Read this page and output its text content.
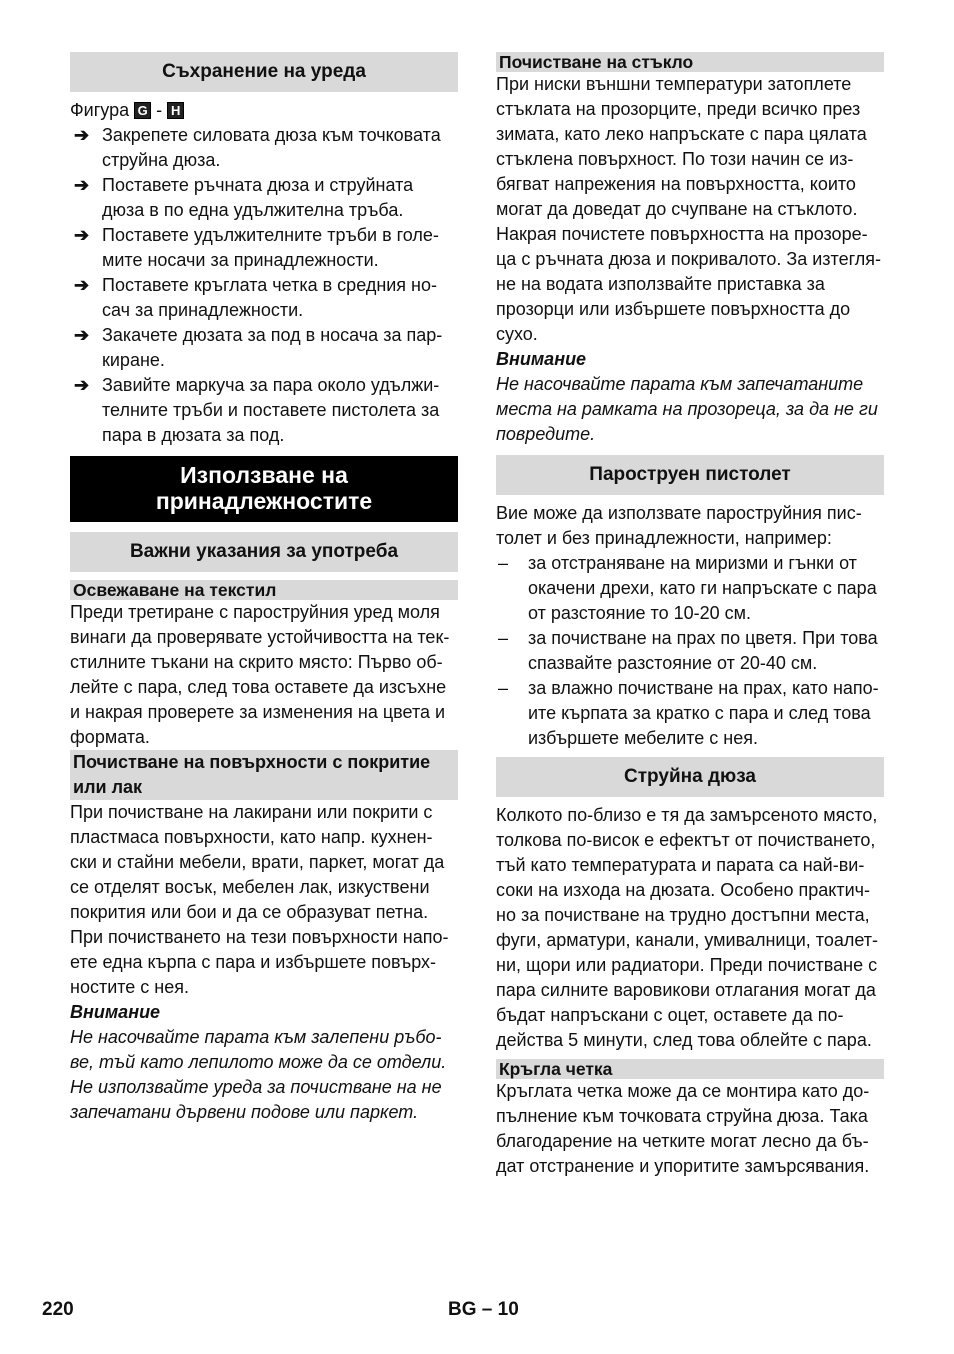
Съхранение на уреда

Фигура G - H

➔ Закрепете силовата дюза към точковата
струйна дюза.
➔ Поставете ръчната дюза и струйната
дюза в по една удължителна тръба.
➔ Поставете удължителните тръби в голе-
мите носачи за принадлежности.
➔ Поставете кръглата четка в средния но-
сач за принадлежности.
➔ Закачете дюзата за под в носача за пар-
киране.
➔ Завийте маркуча за пара около удължи-
телните тръби и поставете пистолета за
пара в дюзата за под.
Използване на
принадлежностите
Важни указания за употреба
Освежаване на текстил
Преди третиране с пароструйния уред моля
винаги да проверявате устойчивостта на тек-
стилните тъкани на скрито място: Първо об-
лейте с пара, след това оставете да изсъхне
и накрая проверете за изменения на цвета и
формата.
Почистване на повърхности с покритие
или лак
При почистване на лакирани или покрити с
пластмаса повърхности, като напр. кухнен-
ски и стайни мебели, врати, паркет, могат да
се отделят восък, мебелен лак, изкуствени
покрития или бои и да се образуват петна.
При почистването на тези повърхности напо-
ете една кърпа с пара и избършете повърх-
ностите с нея.

Внимание

Не насочвайте парата към залепени ръбо-
ве, тъй като лепилото може да се отдели.
Не използвайте уреда за почистване на не
запечатани дървени подове или паркет.
Почистване на стъкло
При ниски външни температури затоплете
стъклата на прозорците, преди всичко през
зимата, като леко напръскате с пара цялата
стъклена повърхност. По този начин се из-
бягват напрежения на повърхността, които
могат да доведат до счупване на стъклото.
Накрая почистете повърхността на прозоре-
ца с ръчната дюза и покривалото. За изтегля-
не на водата използвайте приставка за
прозорци или избършете повърхността до
сухо.

Внимание

Не насочвайте парата към запечатаните
места на рамката на прозореца, за да не ги
повредите.
Пароструен пистолет
Вие може да използвате пароструйния пис-
толет и без принадлежности, например:
– за отстраняване на миризми и гънки от
окачени дрехи, като ги напръскате с пара
от разстояние то 10-20 см.
– за почистване на прах по цветя. При това
спазвайте разстояние от 20-40 см.
– за влажно почистване на прах, като напо-
ите кърпата за кратко с пара и след това
избършете мебелите с нея.
Струйна дюза
Колкото по-близо е тя да замърсеното място,
толкова по-висок е ефектът от почистването,
тъй като температурата и парата са най-ви-
соки на изхода на дюзата. Особено практич-
но за почистване на трудно достъпни места,
фуги, арматури, канали, умивалници, тоалет-
ни, щори или радиатори. Преди почистване с
пара силните варовикови отлагания могат да
бъдат напръскани с оцет, оставете да по-
действа 5 минути, след това облейте с пара.
Кръгла четка
Кръглата четка може да се монтира като до-
пълнение към точковата струйна дюза. Така
благодарение на четките могат лесно да бъ-
дат отстранение и упоритите замърсявания.
220	BG – 10
